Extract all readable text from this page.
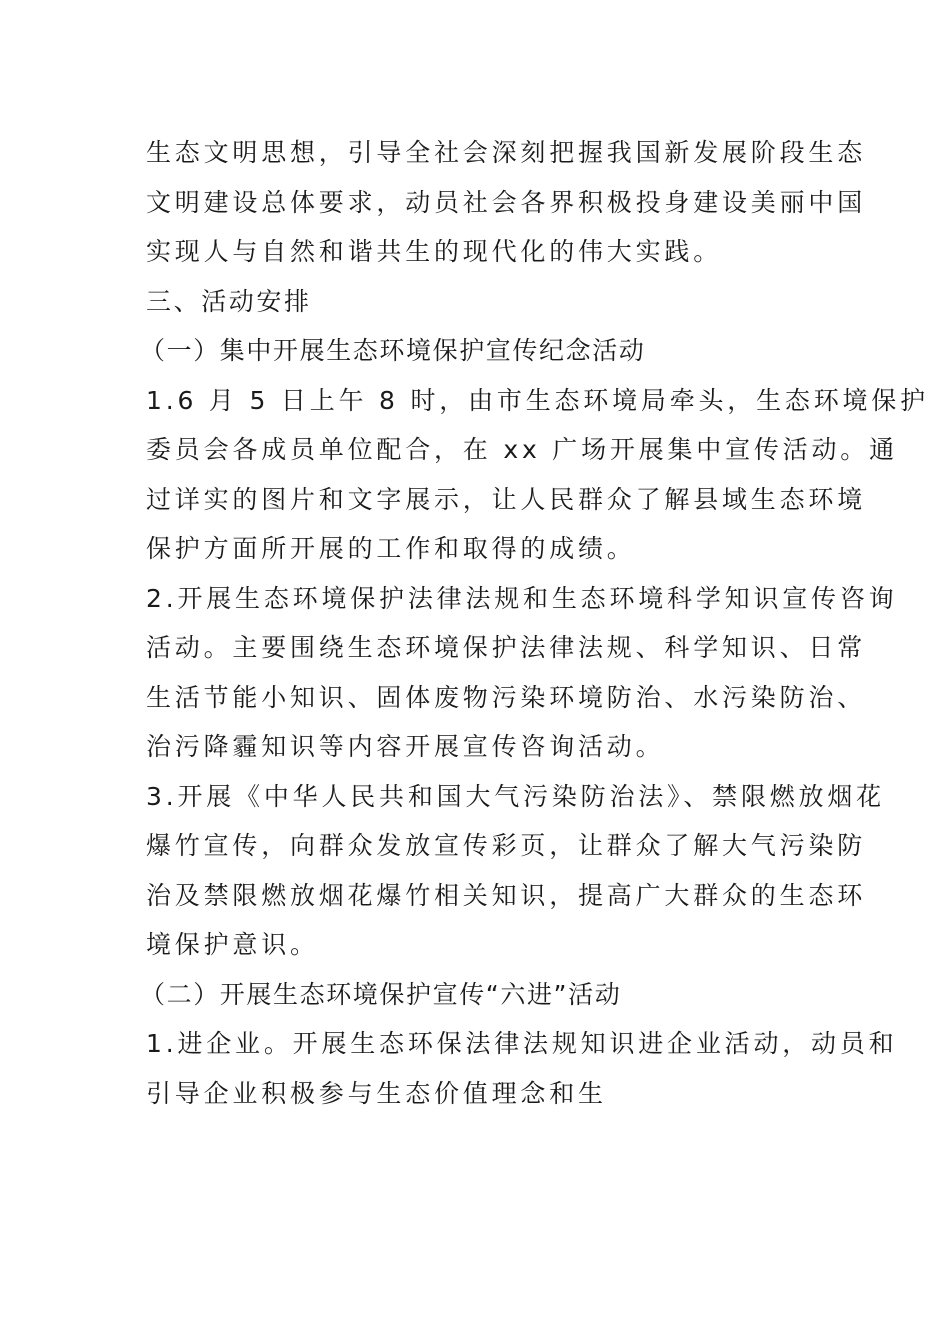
生态文明思想，引导全社会深刻把握我国新发展阶段生态
文明建设总体要求，动员社会各界积极投身建设美丽中国
实现人与自然和谐共生的现代化的伟大实践。
三、活动安排
（一）集中开展生态环境保护宣传纪念活动
1.6 月 5 日上午 8 时，由市生态环境局牵头，生态环境保护
委员会各成员单位配合，在 xx 广场开展集中宣传活动。通
过详实的图片和文字展示，让人民群众了解县域生态环境
保护方面所开展的工作和取得的成绩。
2.开展生态环境保护法律法规和生态环境科学知识宣传咨询
活动。主要围绕生态环境保护法律法规、科学知识、日常
生活节能小知识、固体废物污染环境防治、水污染防治、
治污降霾知识等内容开展宣传咨询活动。
3.开展《中华人民共和国大气污染防治法》、禁限燃放烟花
爆竹宣传，向群众发放宣传彩页，让群众了解大气污染防
治及禁限燃放烟花爆竹相关知识，提高广大群众的生态环
境保护意识。
（二）开展生态环境保护宣传“六进”活动
1.进企业。开展生态环保法律法规知识进企业活动，动员和
引导企业积极参与生态价值理念和生
